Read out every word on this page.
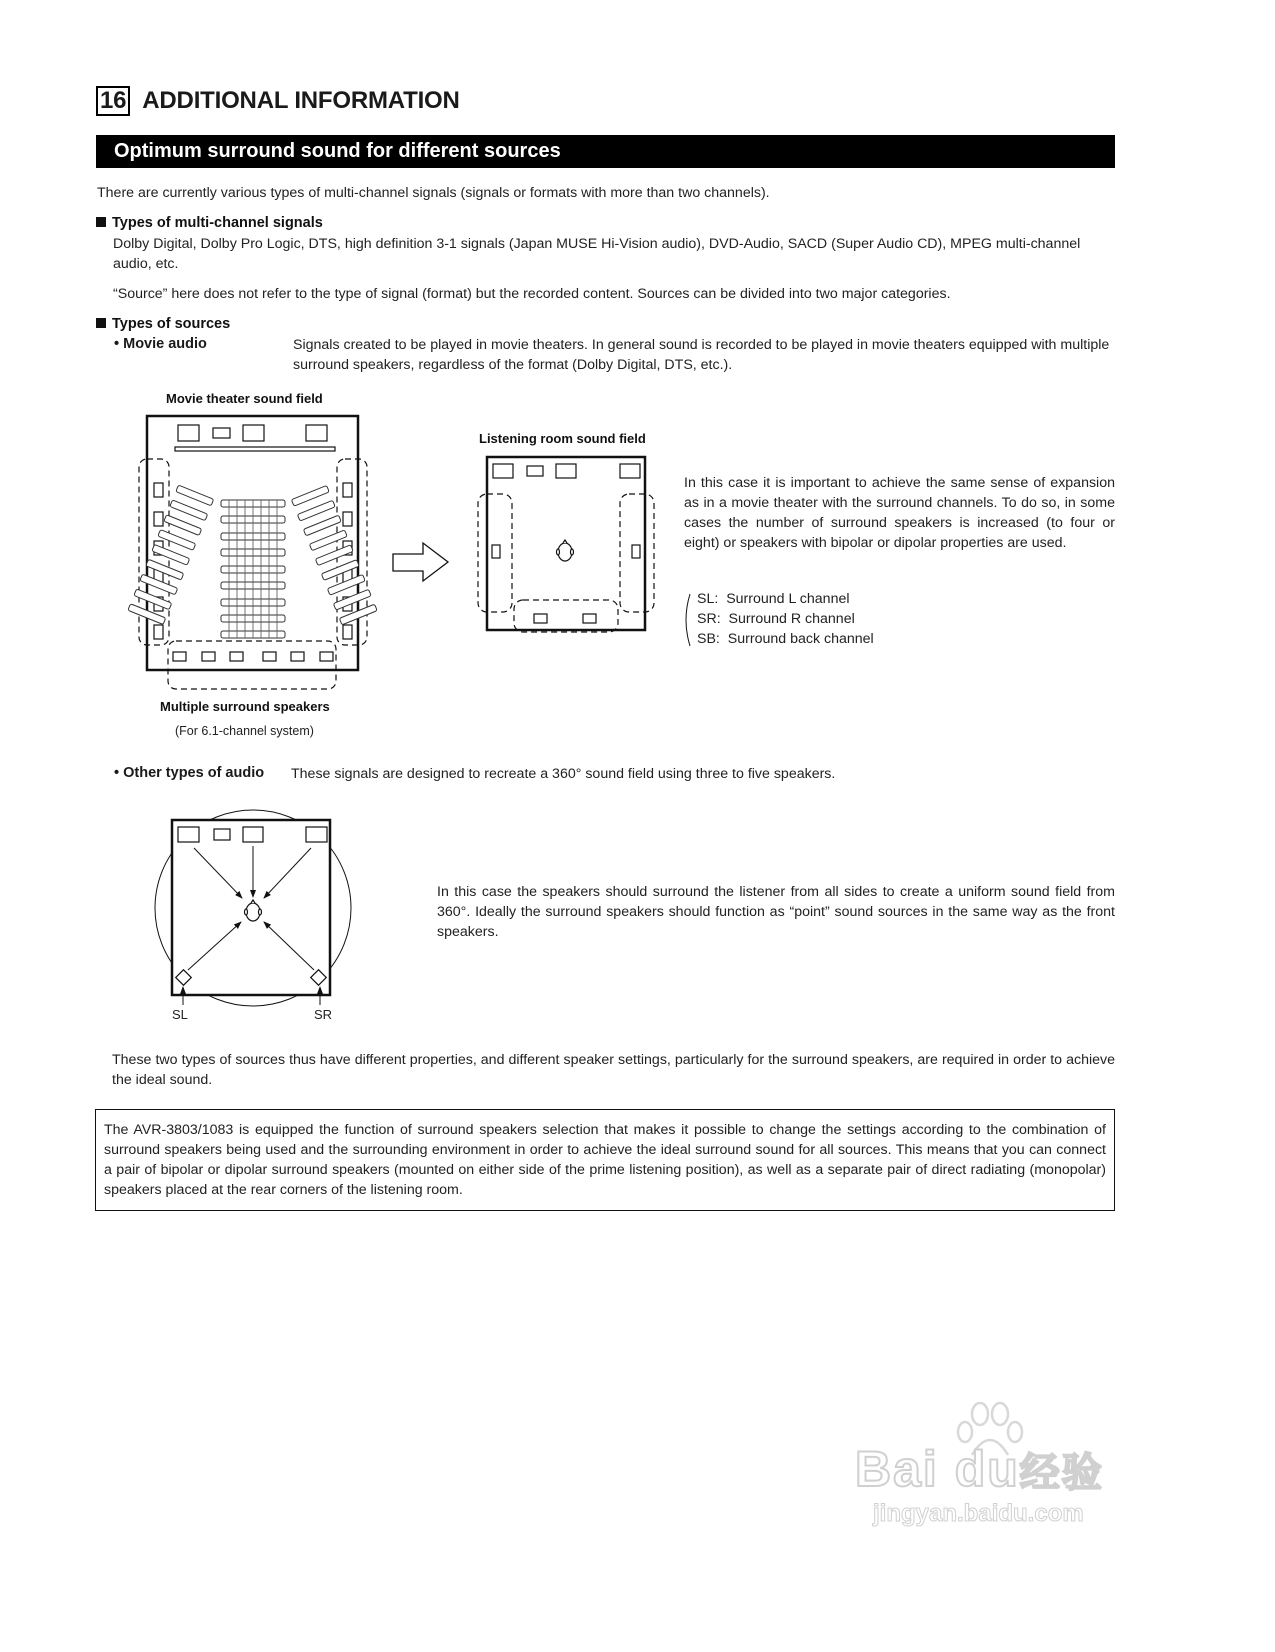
16 ADDITIONAL INFORMATION
Optimum surround sound for different sources
There are currently various types of multi-channel signals (signals or formats with more than two channels).
Types of multi-channel signals
Dolby Digital, Dolby Pro Logic, DTS, high definition 3-1 signals (Japan MUSE Hi-Vision audio), DVD-Audio, SACD (Super Audio CD), MPEG multi-channel audio, etc.
“Source” here does not refer to the type of signal (format) but the recorded content. Sources can be divided into two major categories.
Types of sources
• Movie audio	Signals created to be played in movie theaters. In general sound is recorded to be played in movie theaters equipped with multiple surround speakers, regardless of the format (Dolby Digital, DTS, etc.).
Movie theater sound field
Multiple surround speakers
(For 6.1-channel system)
Listening room sound field
In this case it is important to achieve the same sense of expansion as in a movie theater with the surround channels. To do so, in some cases the number of surround speakers is increased (to four or eight) or speakers with bipolar or dipolar properties are used.
SL: Surround L channel
SR: Surround R channel
SB: Surround back channel
• Other types of audio These signals are designed to recreate a 360° sound field using three to five speakers.
SL	SR
In this case the speakers should surround the listener from all sides to create a uniform sound field from 360°. Ideally the surround speakers should function as “point” sound sources in the same way as the front speakers.
These two types of sources thus have different properties, and different speaker settings, particularly for the surround speakers, are required in order to achieve the ideal sound.
The AVR-3803/1083 is equipped the function of surround speakers selection that makes it possible to change the settings according to the combination of surround speakers being used and the surrounding environment in order to achieve the ideal surround sound for all sources. This means that you can connect a pair of bipolar or dipolar surround speakers (mounted on either side of the prime listening position), as well as a separate pair of direct radiating (monopolar) speakers placed at the rear corners of the listening room.
Bai du经验
jingyan.baidu.com
